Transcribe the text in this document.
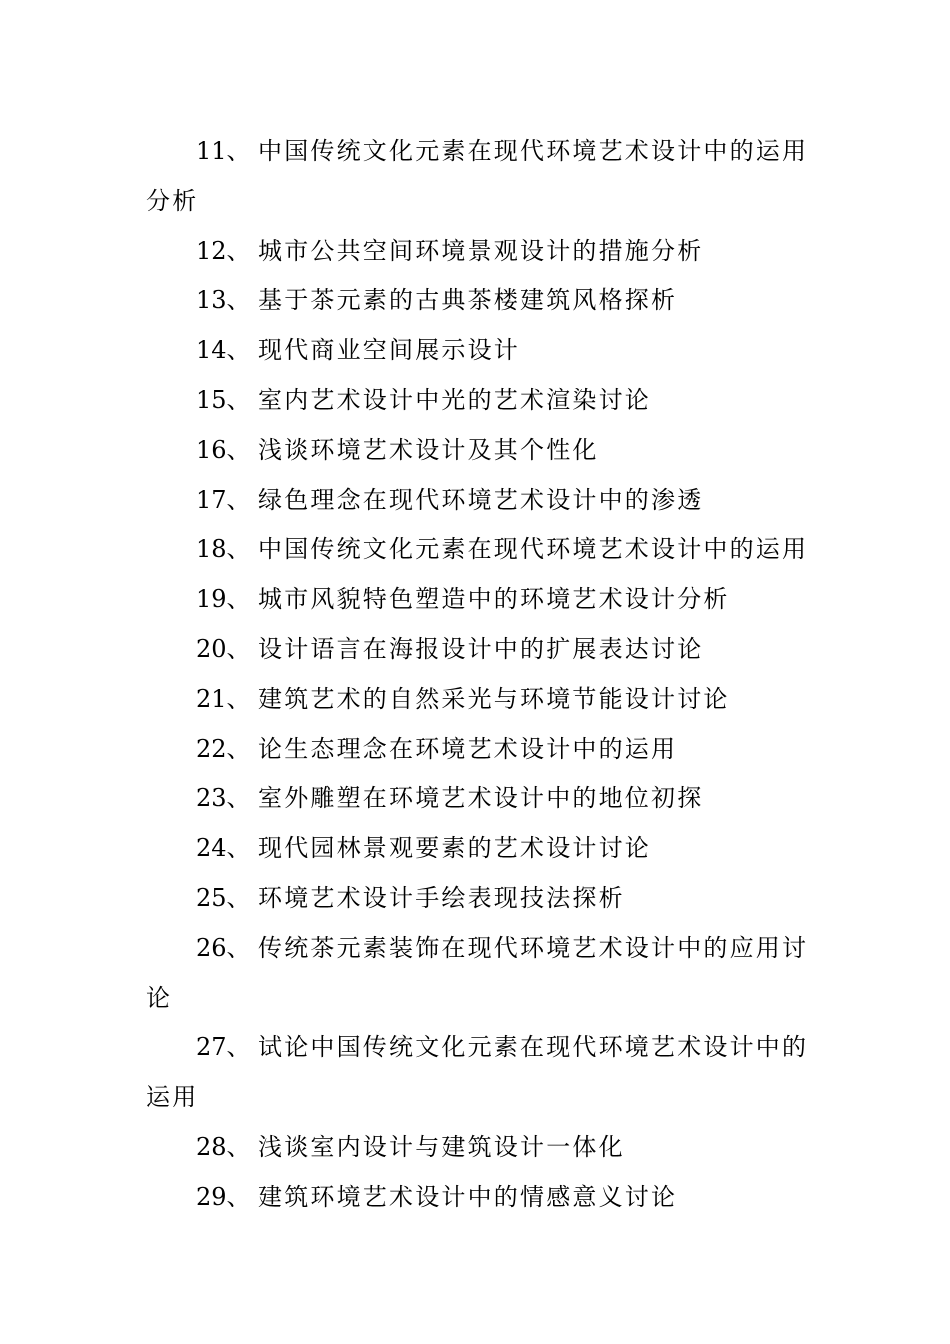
11、 中国传统文化元素在现代环境艺术设计中的运用
分析
12、 城市公共空间环境景观设计的措施分析
13、 基于茶元素的古典茶楼建筑风格探析
14、 现代商业空间展示设计
15、 室内艺术设计中光的艺术渲染讨论
16、 浅谈环境艺术设计及其个性化
17、 绿色理念在现代环境艺术设计中的渗透
18、 中国传统文化元素在现代环境艺术设计中的运用
19、 城市风貌特色塑造中的环境艺术设计分析
20、 设计语言在海报设计中的扩展表达讨论
21、 建筑艺术的自然采光与环境节能设计讨论
22、 论生态理念在环境艺术设计中的运用
23、 室外雕塑在环境艺术设计中的地位初探
24、 现代园林景观要素的艺术设计讨论
25、 环境艺术设计手绘表现技法探析
26、 传统茶元素装饰在现代环境艺术设计中的应用讨
论
27、 试论中国传统文化元素在现代环境艺术设计中的
运用
28、 浅谈室内设计与建筑设计一体化
29、 建筑环境艺术设计中的情感意义讨论
